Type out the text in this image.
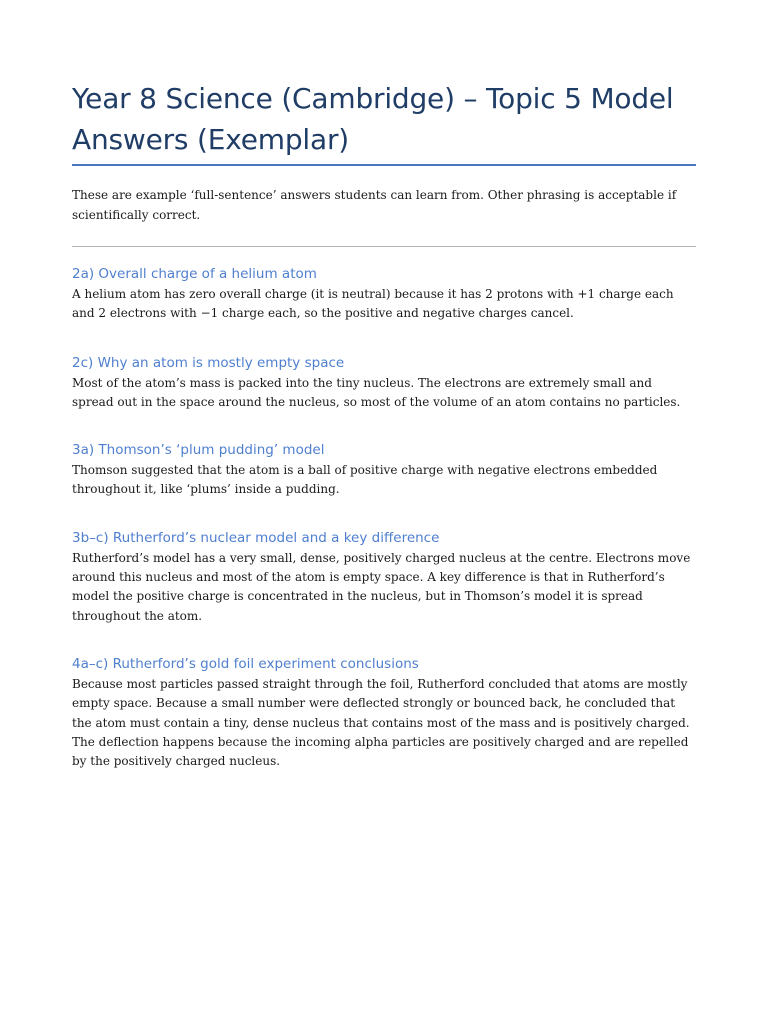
Year 8 Science (Cambridge) – Topic 5 Model Answers (Exemplar)

These are example ‘full-sentence’ answers students can learn from. Other phrasing is acceptable if scientifically correct.

2a) Overall charge of a helium atom

A helium atom has zero overall charge (it is neutral) because it has 2 protons with +1 charge each and 2 electrons with −1 charge each, so the positive and negative charges cancel.

2c) Why an atom is mostly empty space

Most of the atom’s mass is packed into the tiny nucleus. The electrons are extremely small and spread out in the space around the nucleus, so most of the volume of an atom contains no particles.

3a) Thomson’s ‘plum pudding’ model

Thomson suggested that the atom is a ball of positive charge with negative electrons embedded throughout it, like ‘plums’ inside a pudding.

3b–c) Rutherford’s nuclear model and a key difference

Rutherford’s model has a very small, dense, positively charged nucleus at the centre. Electrons move around this nucleus and most of the atom is empty space. A key difference is that in Rutherford’s model the positive charge is concentrated in the nucleus, but in Thomson’s model it is spread throughout the atom.

4a–c) Rutherford’s gold foil experiment conclusions

Because most particles passed straight through the foil, Rutherford concluded that atoms are mostly empty space. Because a small number were deflected strongly or bounced back, he concluded that the atom must contain a tiny, dense nucleus that contains most of the mass and is positively charged. The deflection happens because the incoming alpha particles are positively charged and are repelled by the positively charged nucleus.
